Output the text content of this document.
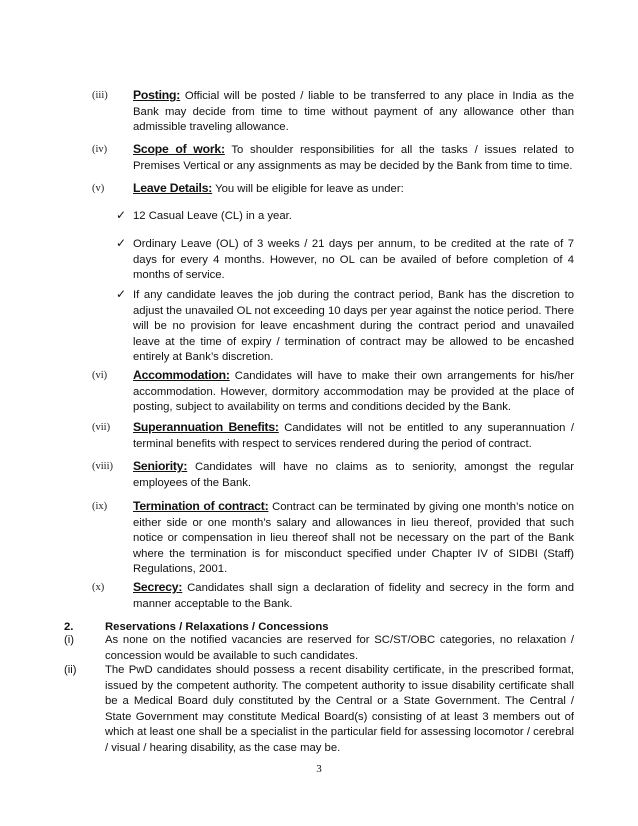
(iii)	Posting: Official will be posted / liable to be transferred to any place in India as the Bank may decide from time to time without payment of any allowance other than admissible traveling allowance.
(iv)	Scope of work: To shoulder responsibilities for all the tasks / issues related to Premises Vertical or any assignments as may be decided by the Bank from time to time.
(v)	Leave Details: You will be eligible for leave as under:
✓ 12 Casual Leave (CL) in a year.
✓ Ordinary Leave (OL) of 3 weeks / 21 days per annum, to be credited at the rate of 7 days for every 4 months. However, no OL can be availed of before completion of 4 months of service.
✓ If any candidate leaves the job during the contract period, Bank has the discretion to adjust the unavailed OL not exceeding 10 days per year against the notice period. There will be no provision for leave encashment during the contract period and unavailed leave at the time of expiry / termination of contract may be allowed to be encashed entirely at Bank’s discretion.
(vi)	Accommodation: Candidates will have to make their own arrangements for his/her accommodation. However, dormitory accommodation may be provided at the place of posting, subject to availability on terms and conditions decided by the Bank.
(vii)	Superannuation Benefits: Candidates will not be entitled to any superannuation / terminal benefits with respect to services rendered during the period of contract.
(viii)	Seniority: Candidates will have no claims as to seniority, amongst the regular employees of the Bank.
(ix)	Termination of contract: Contract can be terminated by giving one month’s notice on either side or one month’s salary and allowances in lieu thereof, provided that such notice or compensation in lieu thereof shall not be necessary on the part of the Bank where the termination is for misconduct specified under Chapter IV of SIDBI (Staff) Regulations, 2001.
(x)	Secrecy: Candidates shall sign a declaration of fidelity and secrecy in the form and manner acceptable to the Bank.
2.	Reservations / Relaxations / Concessions
(i)	As none on the notified vacancies are reserved for SC/ST/OBC categories, no relaxation / concession would be available to such candidates.
(ii)	The PwD candidates should possess a recent disability certificate, in the prescribed format, issued by the competent authority. The competent authority to issue disability certificate shall be a Medical Board duly constituted by the Central or a State Government. The Central / State Government may constitute Medical Board(s) consisting of at least 3 members out of which at least one shall be a specialist in the particular field for assessing locomotor / cerebral / visual / hearing disability, as the case may be.
3
